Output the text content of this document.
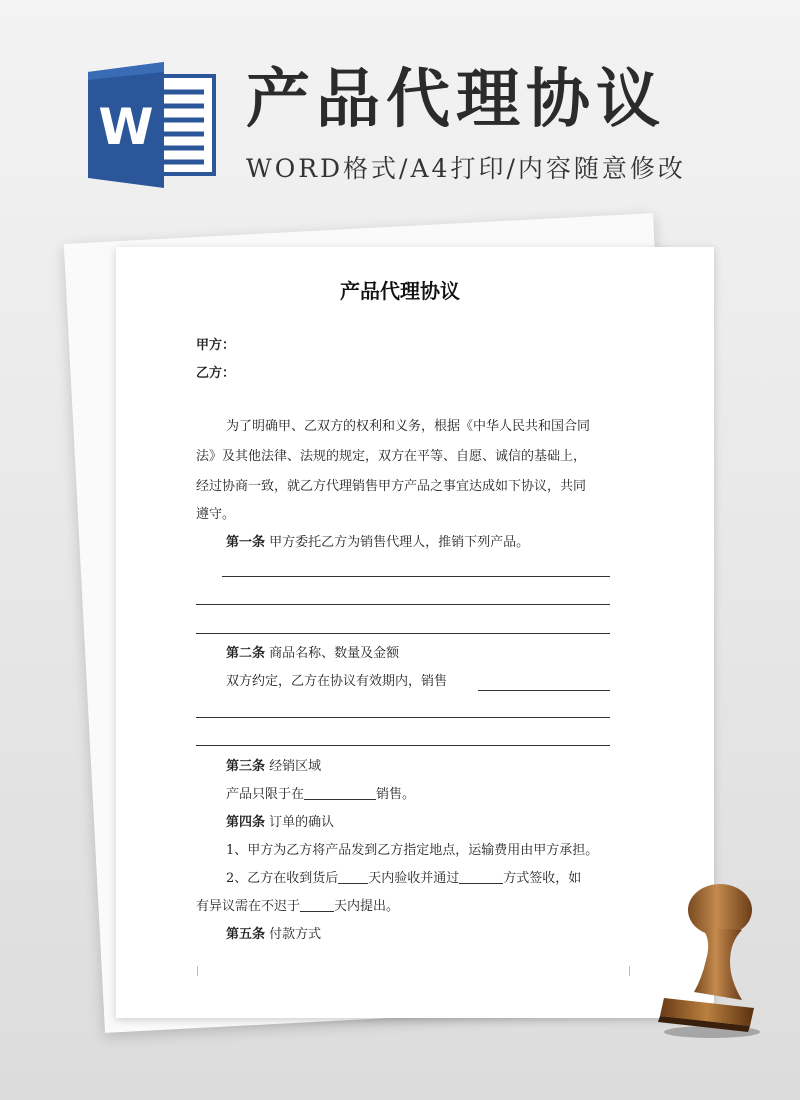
W 产品代理协议
WORD格式/A4打印/内容随意修改
产品代理协议
甲方：
乙方：
为了明确甲、乙双方的权利和义务，根据《中华人民共和国合同
法》及其他法律、法规的规定，双方在平等、自愿、诚信的基础上，
经过协商一致，就乙方代理销售甲方产品之事宜达成如下协议，共同
遵守。
第一条 甲方委托乙方为销售代理人，推销下列产品。
第二条 商品名称、数量及金额
双方约定，乙方在协议有效期内，销售
第三条 经销区域
产品只限于在	销售。
第四条 订单的确认
1、甲方为乙方将产品发到乙方指定地点，运输费用由甲方承担。
2、乙方在收到货后 天内验收并通过	方式签收，如
有异议需在不迟于	天内提出。
第五条 付款方式
